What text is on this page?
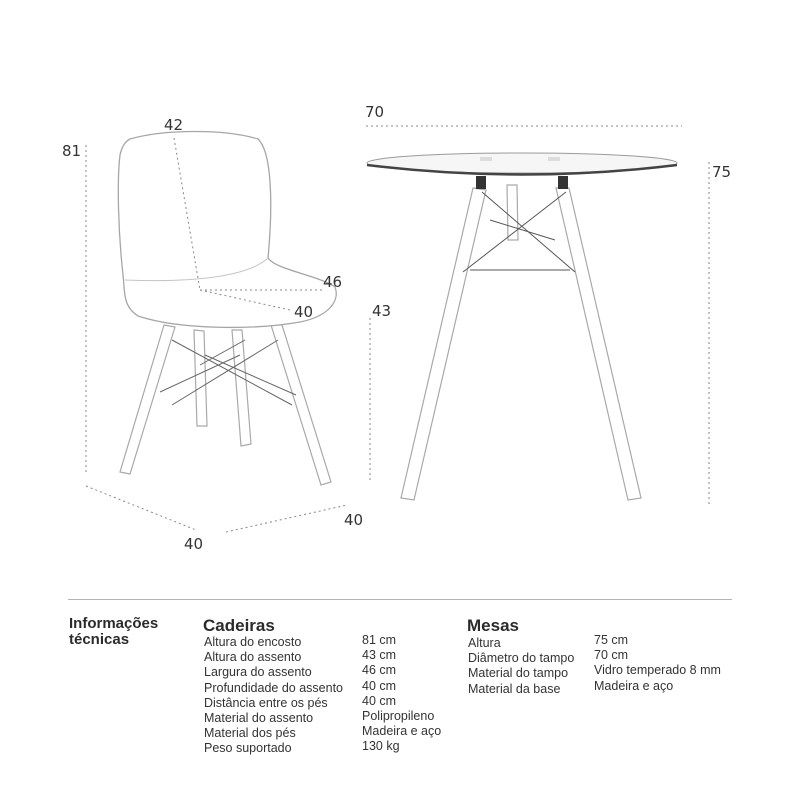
81
42
46
40	43
40
40
70
75
Informações
técnicas
Cadeiras
Altura do encosto
Altura do assento
Largura do assento
Profundidade do assento
Distância entre os pés
Material do assento
Material dos pés
Peso suportado
81 cm
43 cm
46 cm
40 cm
40 cm
Polipropileno
Madeira e aço
130 kg
Mesas
Altura
Diâmetro do tampo
Material do tampo
Material da base
75 cm
70 cm
Vidro temperado 8 mm
Madeira e aço
